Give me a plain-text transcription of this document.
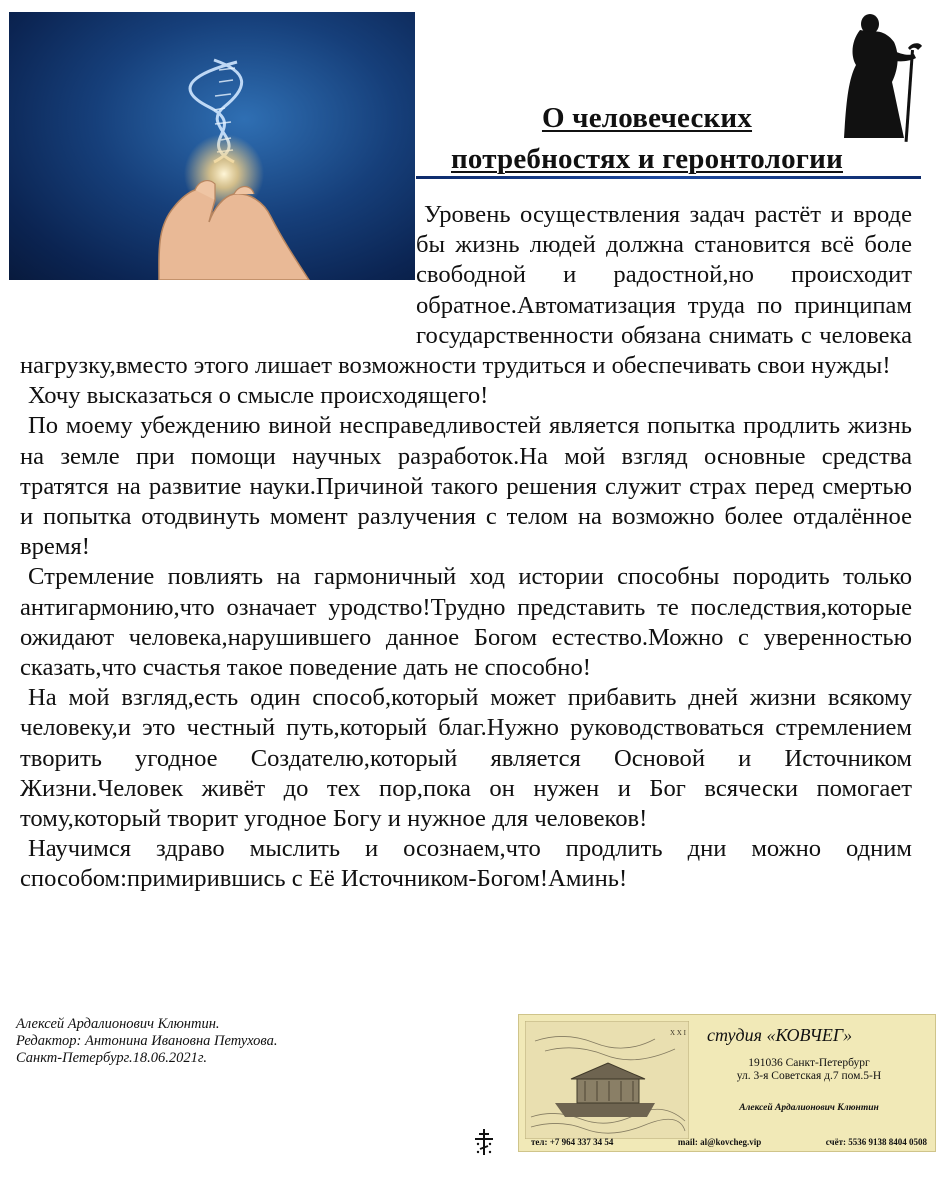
О человеческих
потребностях и геронтологии

Уровень осуществления задач растёт и вроде бы жизнь людей должна становится всё боле свободной и радостной,но происходит обратное.Автоматизация труда по принципам государственности обязана снимать с человека нагрузку,вместо этого лишает возможности трудиться и обеспечивать свои нужды!

Хочу высказаться о смысле происходящего!

По моему убеждению виной несправедливостей является попытка продлить жизнь на земле при помощи научных разработок.На мой взгляд основные средства тратятся на развитие науки.Причиной такого решения служит страх перед смертью и попытка отодвинуть момент разлучения с телом на возможно более отдалённое время!

Стремление повлиять на гармоничный ход истории способны породить только антигармонию,что означает уродство!Трудно представить те последствия,которые ожидают человека,нарушившего данное Богом естество.Можно с уверенностью сказать,что счастья такое поведение дать не способно!

На мой взгляд,есть один способ,который может прибавить дней жизни всякому человеку,и это честный путь,который благ.Нужно руководствоваться стремлением творить угодное Создателю,который является Основой и Источником Жизни.Человек живёт до тех пор,пока он нужен и Бог всячески помогает тому,который творит угодное Богу и нужное для человеков!

Научимся здраво мыслить и осознаем,что продлить дни можно одним способом:примирившись с Её Источником-Богом!Аминь!

Алексей Ардалионович Клюнтин.
Редактор: Антонина Ивановна Петухова.
Санкт-Петербург.18.06.2021г.
X X I студия «КОВЧЕГ»
191036 Санкт-Петербург
ул. 3-я Советская д.7 пом.5-Н
Алексей Ардалионович Клюнтин
тел: +7 964 337 34 54	mail: al@kovcheg.vip	счёт: 5536 9138 8404 0508
